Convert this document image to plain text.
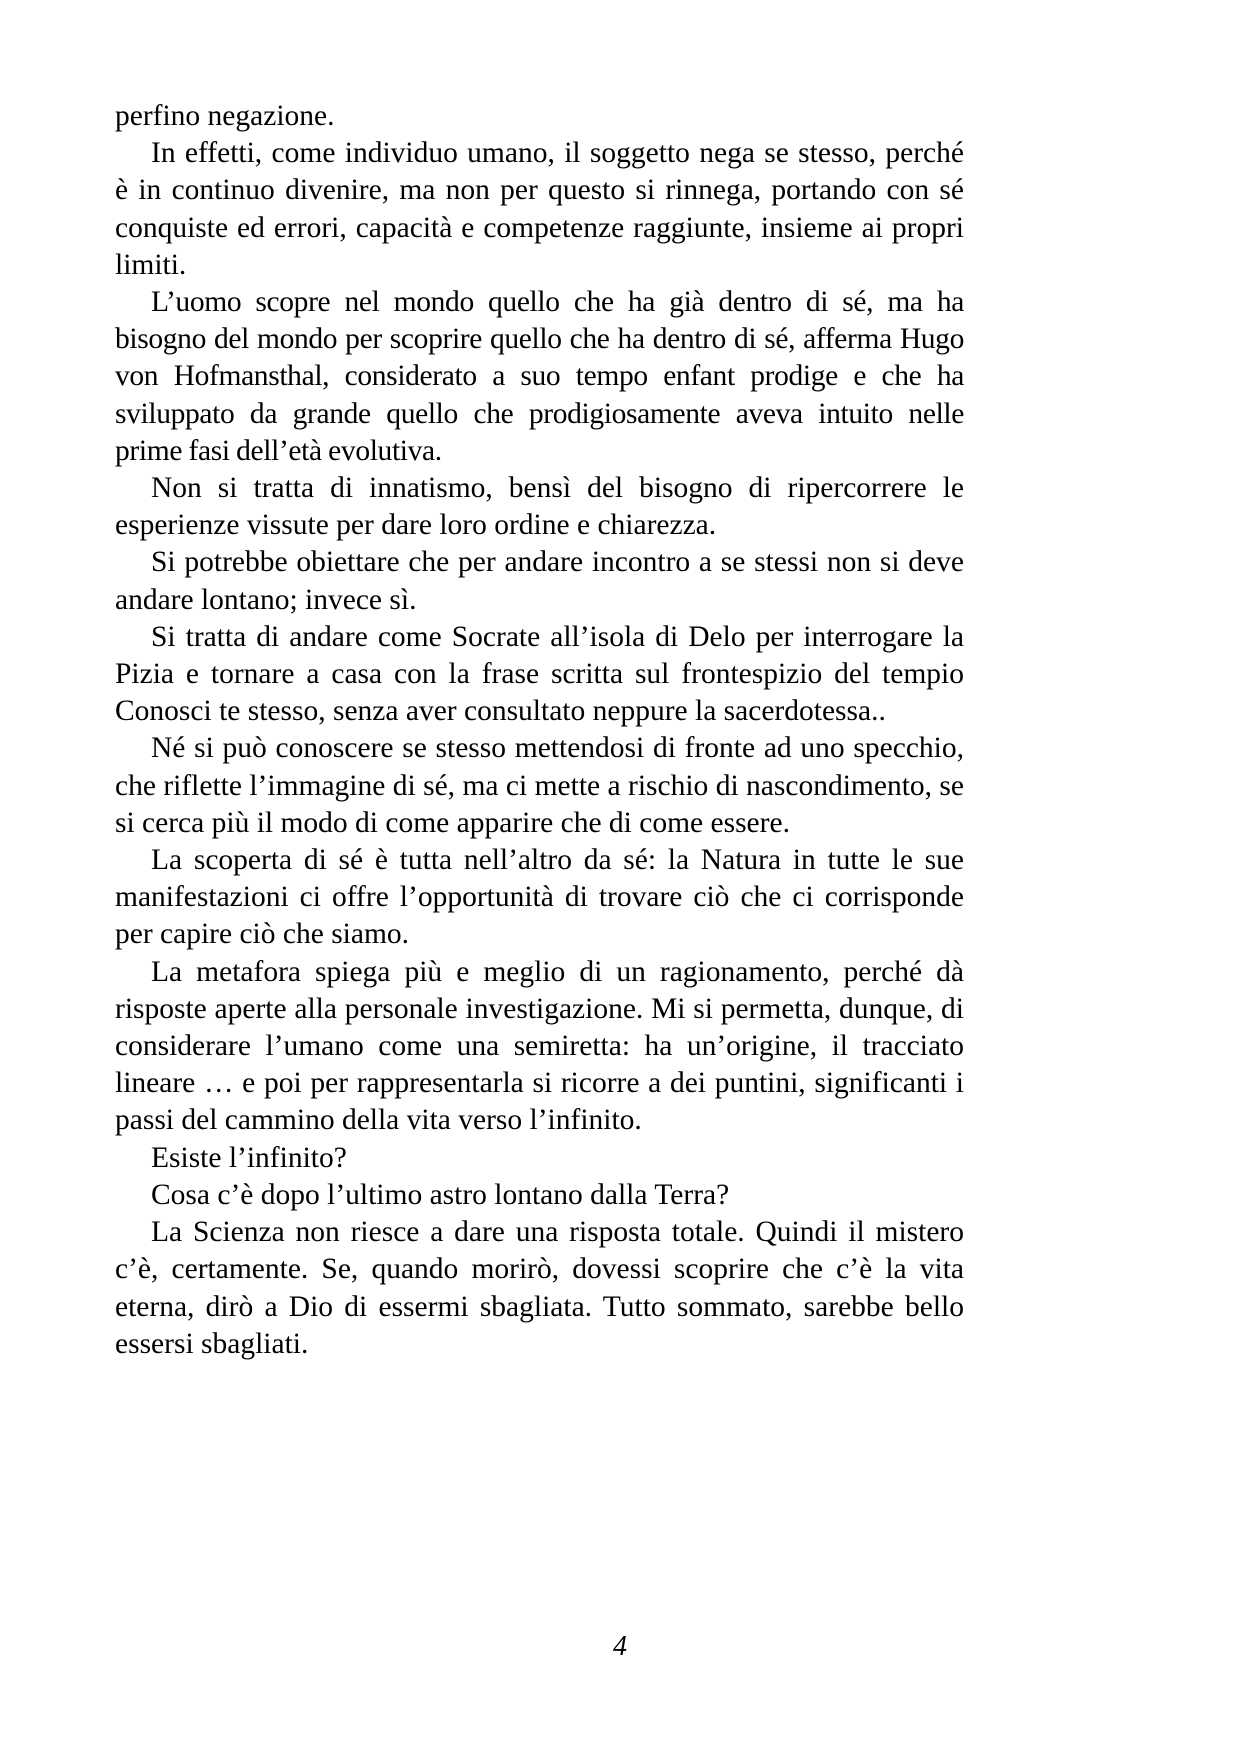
perfino negazione.

In effetti, come individuo umano, il soggetto nega se stesso, perché è in continuo divenire, ma non per questo si rinnega, portando con sé conquiste ed errori, capacità e competenze raggiunte, insieme ai propri limiti.

L’uomo scopre nel mondo quello che ha già dentro di sé, ma ha bisogno del mondo per scoprire quello che ha dentro di sé, afferma Hugo von Hofmansthal, considerato a suo tempo enfant prodige e che ha sviluppato da grande quello che prodigiosamente aveva intuito nelle prime fasi dell’età evolutiva.

Non si tratta di innatismo, bensì del bisogno di ripercorrere le esperienze vissute per dare loro ordine e chiarezza.

Si potrebbe obiettare che per andare incontro a se stessi non si deve andare lontano; invece sì.

Si tratta di andare come Socrate all’isola di Delo per interrogare la Pizia e tornare a casa con la frase scritta sul frontespizio del tempio Conosci te stesso, senza aver consultato neppure la sacerdotessa..

Né si può conoscere se stesso mettendosi di fronte ad uno specchio, che riflette l’immagine di sé, ma ci mette a rischio di nascondimento, se si cerca più il modo di come apparire che di come essere.

La scoperta di sé è tutta nell’altro da sé: la Natura in tutte le sue manifestazioni ci offre l’opportunità di trovare ciò che ci corrisponde per capire ciò che siamo.

La metafora spiega più e meglio di un ragionamento, perché dà risposte aperte alla personale investigazione. Mi si permetta, dunque, di considerare l’umano come una semiretta: ha un’origine, il tracciato lineare … e poi per rappresentarla si ricorre a dei puntini, significanti i passi del cammino della vita verso l’infinito.

Esiste l’infinito?

Cosa c’è dopo l’ultimo astro lontano dalla Terra?

La Scienza non riesce a dare una risposta totale. Quindi il mistero c’è, certamente. Se, quando morirò, dovessi scoprire che c’è la vita eterna, dirò a Dio di essermi sbagliata. Tutto sommato, sarebbe bello essersi sbagliati.

4
